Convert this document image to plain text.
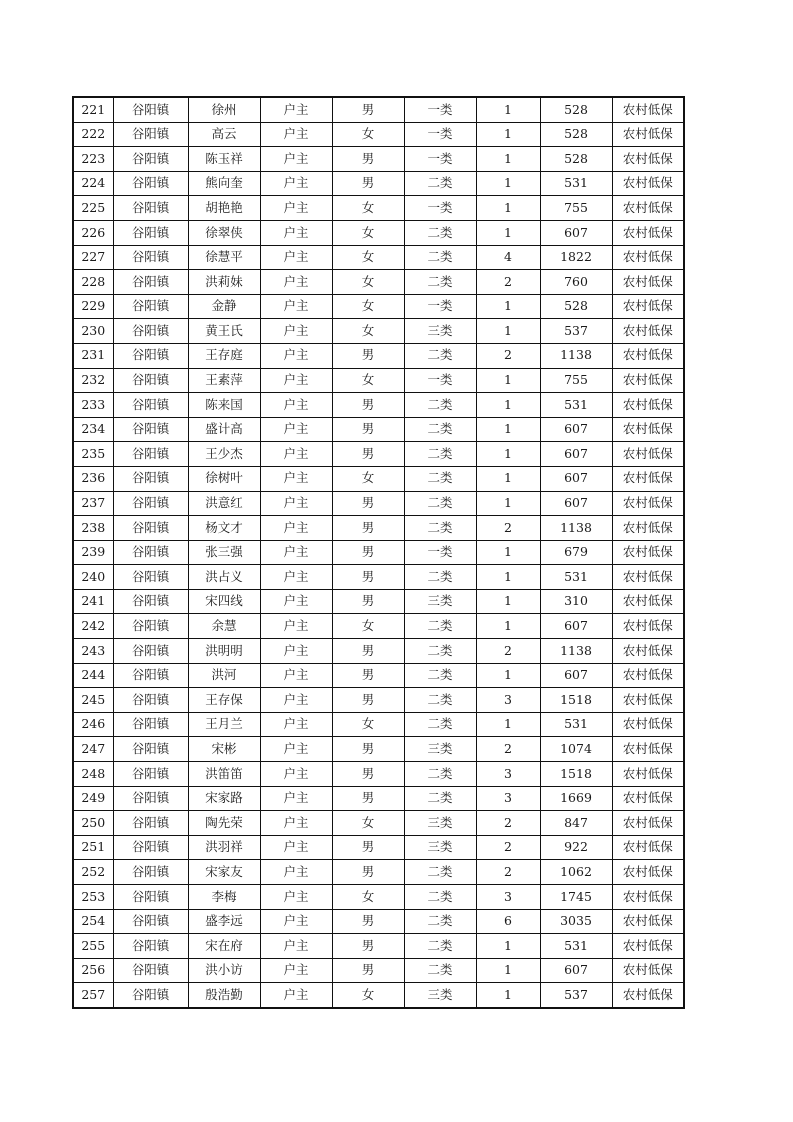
221	谷阳镇	徐州	户主	男	一类	1	528	农村低保
222	谷阳镇	高云	户主	女	一类	1	528	农村低保
223	谷阳镇	陈玉祥	户主	男	一类	1	528	农村低保
224	谷阳镇	熊向奎	户主	男	二类	1	531	农村低保
225	谷阳镇	胡艳艳	户主	女	一类	1	755	农村低保
226	谷阳镇	徐翠侠	户主	女	二类	1	607	农村低保
227	谷阳镇	徐慧平	户主	女	二类	4	1822	农村低保
228	谷阳镇	洪莉妹	户主	女	二类	2	760	农村低保
229	谷阳镇	金静	户主	女	一类	1	528	农村低保
230	谷阳镇	黄王氏	户主	女	三类	1	537	农村低保
231	谷阳镇	王存庭	户主	男	二类	2	1138	农村低保
232	谷阳镇	王素萍	户主	女	一类	1	755	农村低保
233	谷阳镇	陈来国	户主	男	二类	1	531	农村低保
234	谷阳镇	盛计高	户主	男	二类	1	607	农村低保
235	谷阳镇	王少杰	户主	男	二类	1	607	农村低保
236	谷阳镇	徐树叶	户主	女	二类	1	607	农村低保
237	谷阳镇	洪意红	户主	男	二类	1	607	农村低保
238	谷阳镇	杨文才	户主	男	二类	2	1138	农村低保
239	谷阳镇	张三强	户主	男	一类	1	679	农村低保
240	谷阳镇	洪占义	户主	男	二类	1	531	农村低保
241	谷阳镇	宋四线	户主	男	三类	1	310	农村低保
242	谷阳镇	余慧	户主	女	二类	1	607	农村低保
243	谷阳镇	洪明明	户主	男	二类	2	1138	农村低保
244	谷阳镇	洪河	户主	男	二类	1	607	农村低保
245	谷阳镇	王存保	户主	男	二类	3	1518	农村低保
246	谷阳镇	王月兰	户主	女	二类	1	531	农村低保
247	谷阳镇	宋彬	户主	男	三类	2	1074	农村低保
248	谷阳镇	洪笛笛	户主	男	二类	3	1518	农村低保
249	谷阳镇	宋家路	户主	男	二类	3	1669	农村低保
250	谷阳镇	陶先荣	户主	女	三类	2	847	农村低保
251	谷阳镇	洪羽祥	户主	男	三类	2	922	农村低保
252	谷阳镇	宋家友	户主	男	二类	2	1062	农村低保
253	谷阳镇	李梅	户主	女	二类	3	1745	农村低保
254	谷阳镇	盛李远	户主	男	二类	6	3035	农村低保
255	谷阳镇	宋在府	户主	男	二类	1	531	农村低保
256	谷阳镇	洪小访	户主	男	二类	1	607	农村低保
257	谷阳镇	殷浩勤	户主	女	三类	1	537	农村低保
